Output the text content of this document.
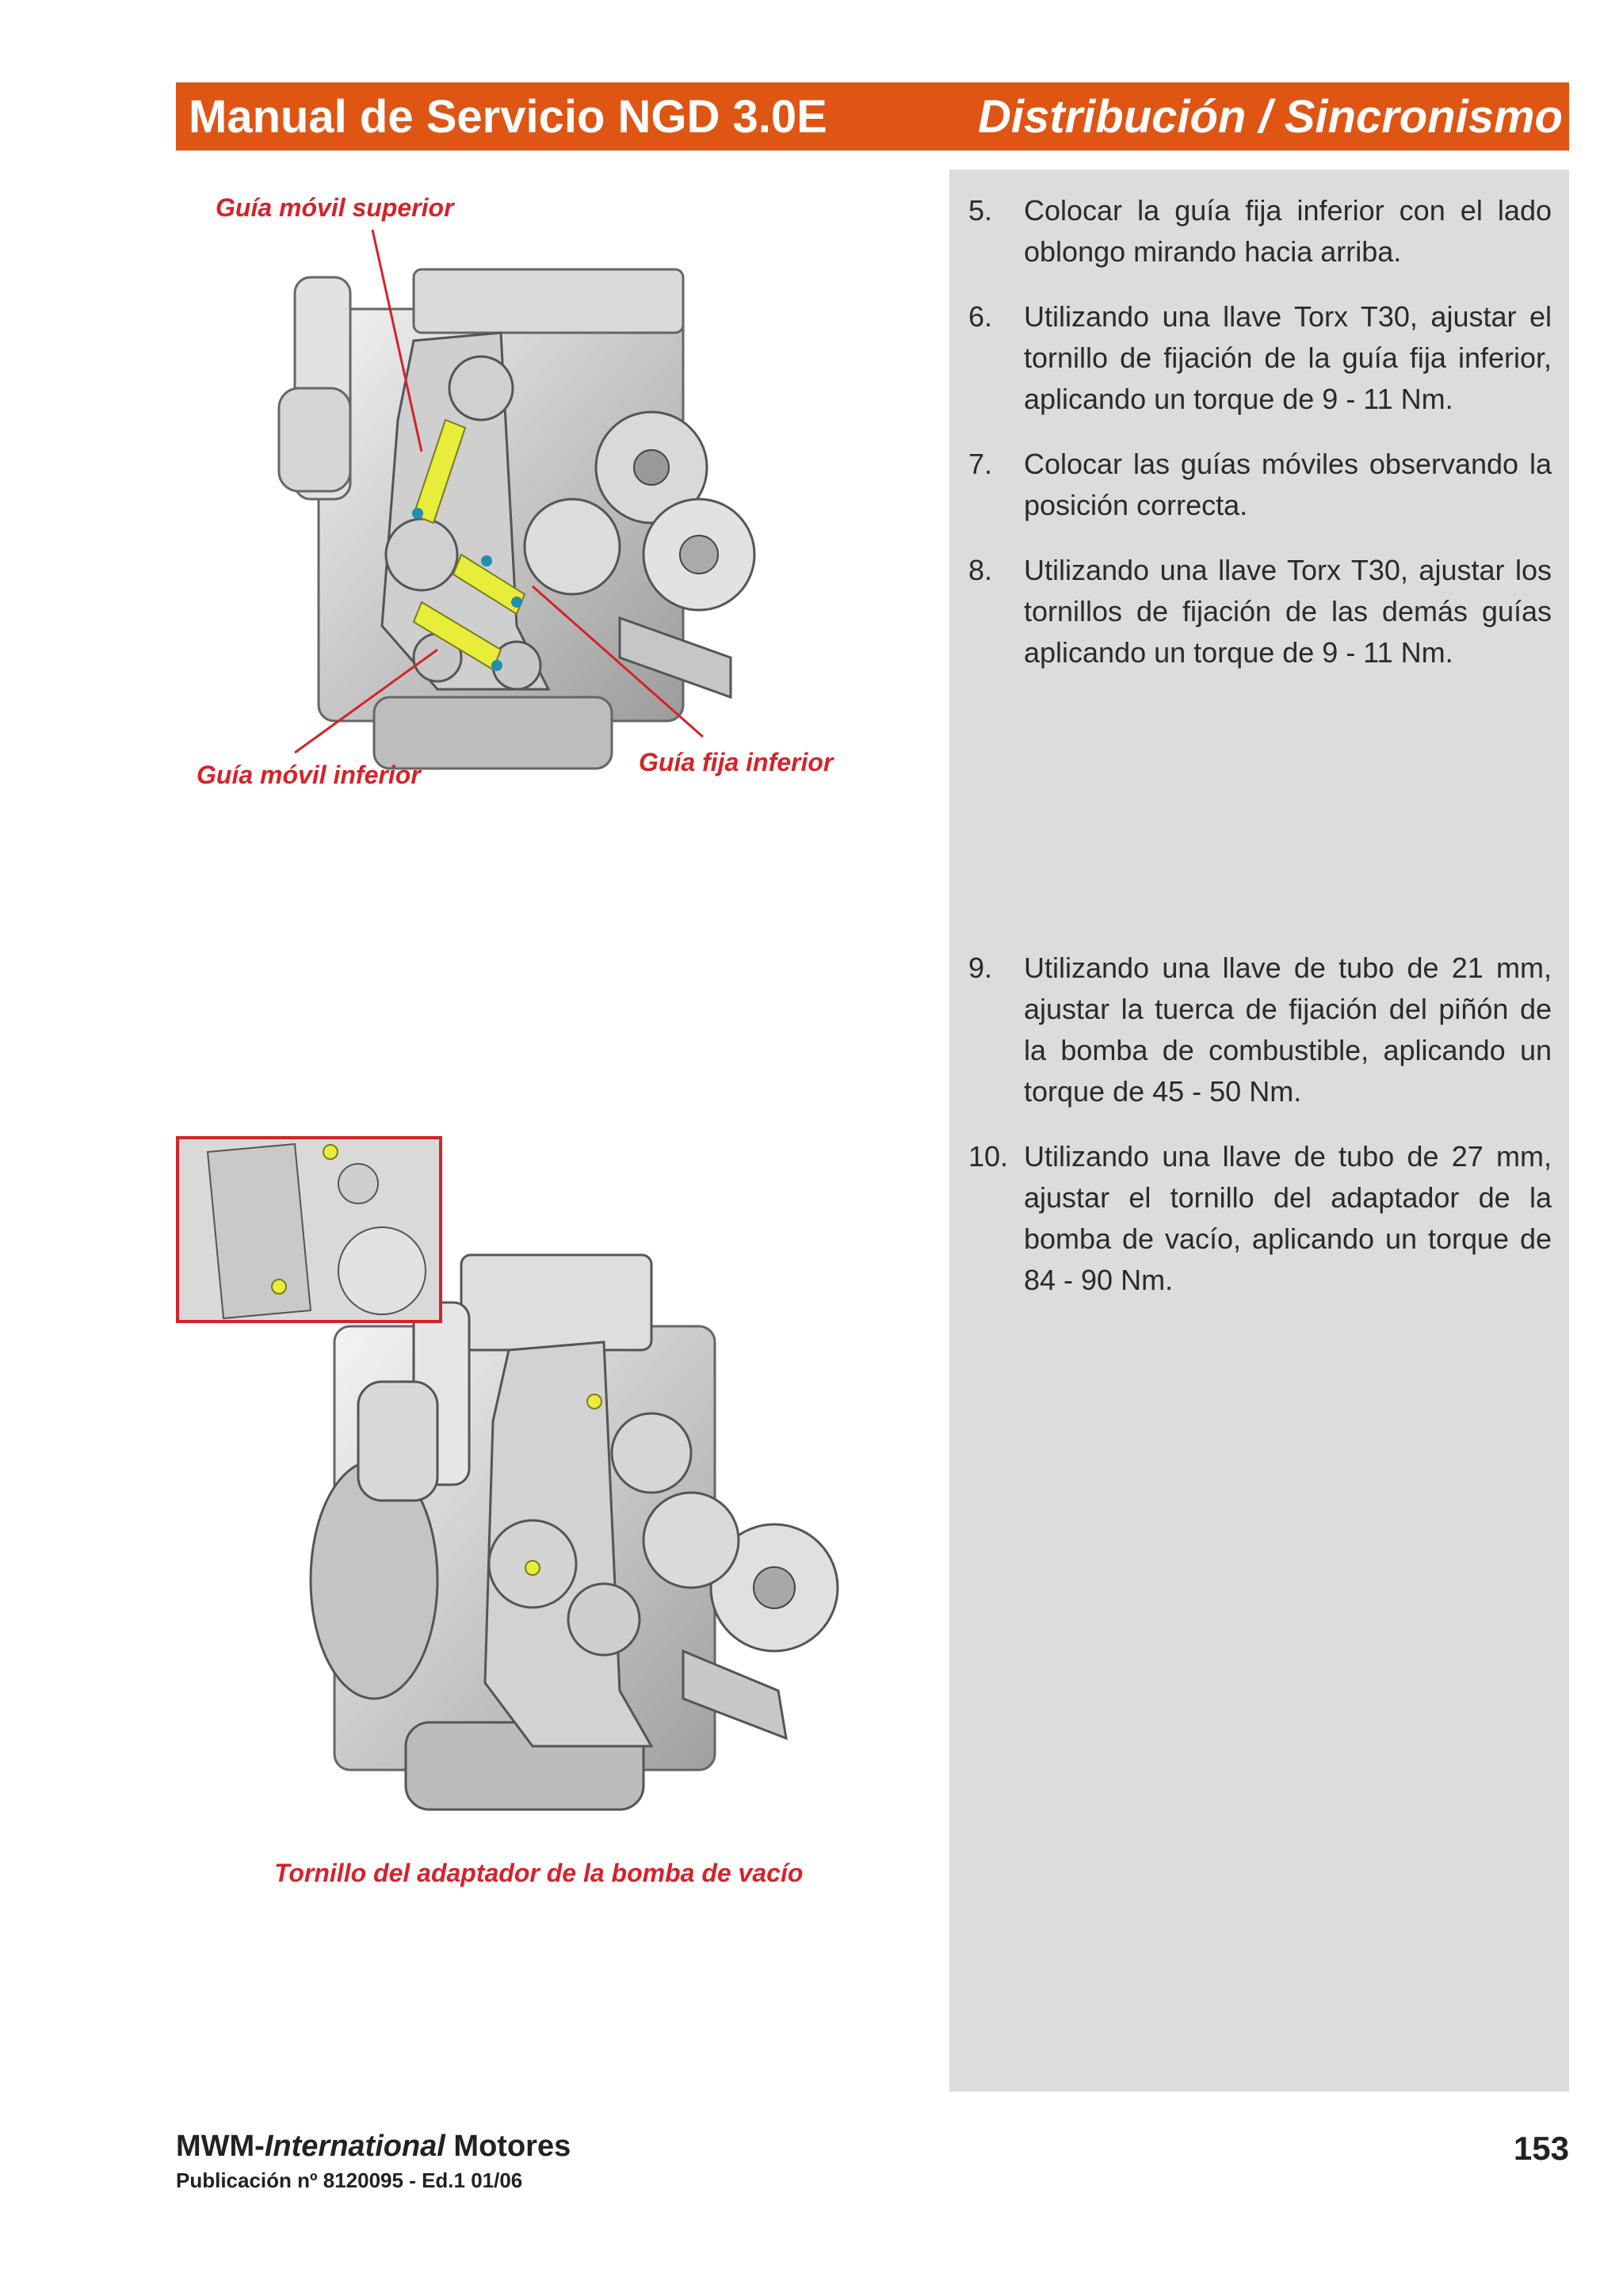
Manual de Servicio NGD 3.0E	Distribución / Sincronismo
5.	Colocar la guía fija inferior con el lado oblongo mirando hacia arriba.
6.	Utilizando una llave Torx T30, ajustar el tornillo de fijación de la guía fija inferior, aplicando un torque de 9 - 11 Nm.
7.	Colocar las guías móviles observando la posición correcta.
8.	Utilizando una llave Torx T30, ajustar los tornillos de fijación de las demás guías aplicando un torque de 9 - 11 Nm.
9.	Utilizando una llave de tubo de 21 mm, ajustar la tuerca de fijación del piñón de la bomba de combustible, aplicando un torque de 45 - 50 Nm.
10. Utilizando una llave de tubo de 27 mm, ajustar el tornillo del adaptador de la bomba de vacío, aplicando un torque de 84 - 90 Nm.
Guía móvil superior
Guía móvil inferior	Guía fija inferior
Tornillo del adaptador de la bomba de vacío
MWM-International Motores
Publicación nº 8120095 - Ed.1 01/06
153
